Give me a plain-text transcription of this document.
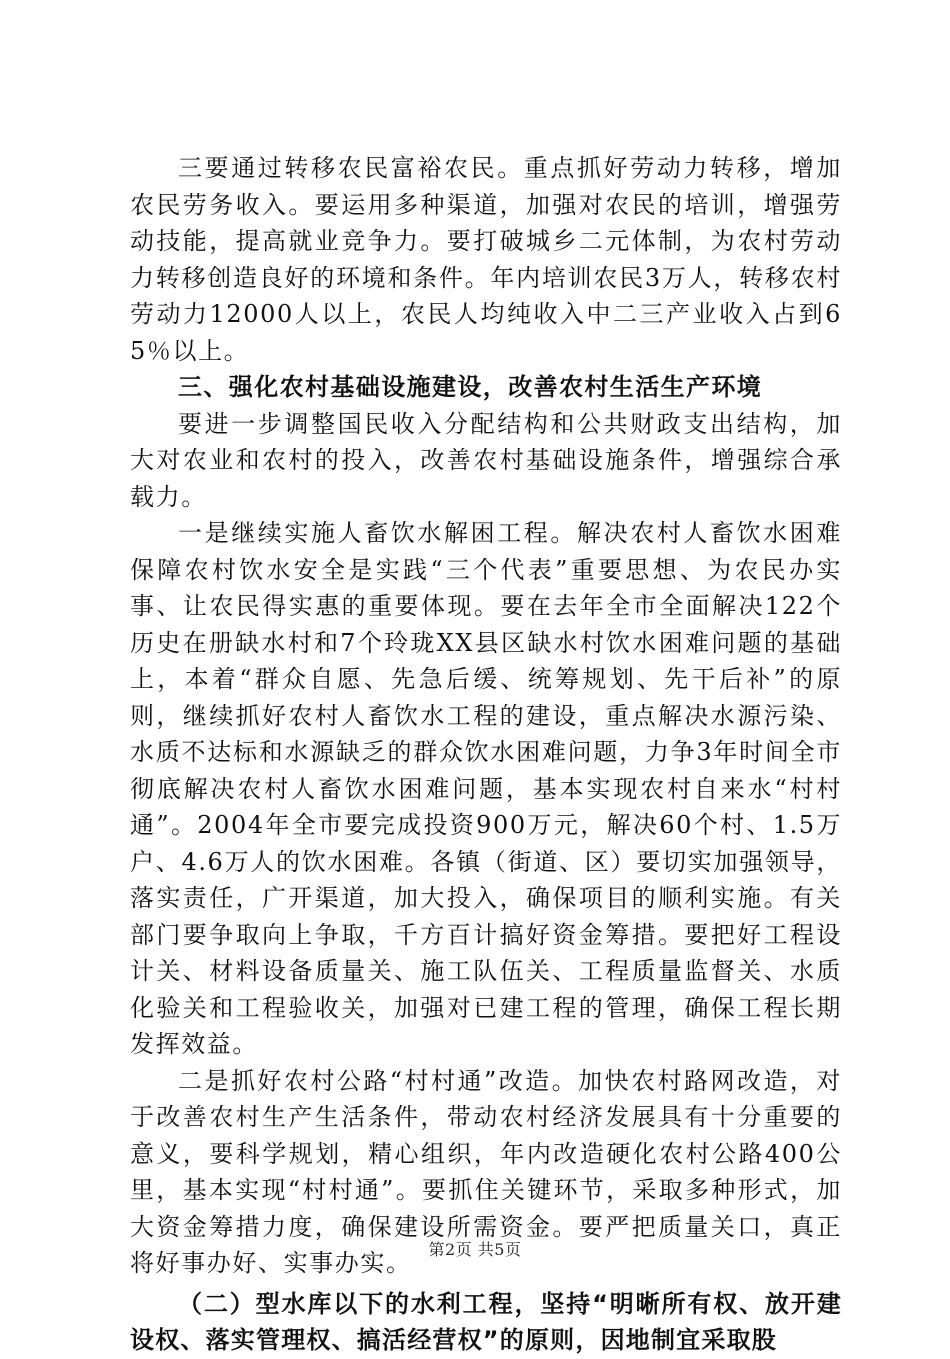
三要通过转移农民富裕农民。重点抓好劳动力转移，增加农民劳务收入。要运用多种渠道，加强对农民的培训，增强劳动技能，提高就业竞争力。要打破城乡二元体制，为农村劳动力转移创造良好的环境和条件。年内培训农民3万人，转移农村劳动力12000人以上，农民人均纯收入中二三产业收入占到65％以上。

三、强化农村基础设施建设，改善农村生活生产环境

要进一步调整国民收入分配结构和公共财政支出结构，加大对农业和农村的投入，改善农村基础设施条件，增强综合承载力。

一是继续实施人畜饮水解困工程。解决农村人畜饮水困难保障农村饮水安全是实践“三个代表”重要思想、为农民办实事、让农民得实惠的重要体现。要在去年全市全面解决122个历史在册缺水村和7个玲珑XX县区缺水村饮水困难问题的基础上，本着“群众自愿、先急后缓、统筹规划、先干后补”的原则，继续抓好农村人畜饮水工程的建设，重点解决水源污染、水质不达标和水源缺乏的群众饮水困难问题，力争3年时间全市彻底解决农村人畜饮水困难问题，基本实现农村自来水“村村通”。2004年全市要完成投资900万元，解决60个村、1.5万户、4.6万人的饮水困难。各镇（街道、区）要切实加强领导，落实责任，广开渠道，加大投入，确保项目的顺利实施。有关部门要争取向上争取，千方百计搞好资金筹措。要把好工程设计关、材料设备质量关、施工队伍关、工程质量监督关、水质化验关和工程验收关，加强对已建工程的管理，确保工程长期发挥效益。

二是抓好农村公路“村村通”改造。加快农村路网改造，对于改善农村生产生活条件，带动农村经济发展具有十分重要的意义，要科学规划，精心组织，年内改造硬化农村公路400公里，基本实现“村村通”。要抓住关键环节，采取多种形式，加大资金筹措力度，确保建设所需资金。要严把质量关口，真正将好事办好、实事办实。

（二）型水库以下的水利工程，坚持“明晰所有权、放开建设权、落实管理权、搞活经营权”的原则，因地制宜采取股

第2页 共5页
